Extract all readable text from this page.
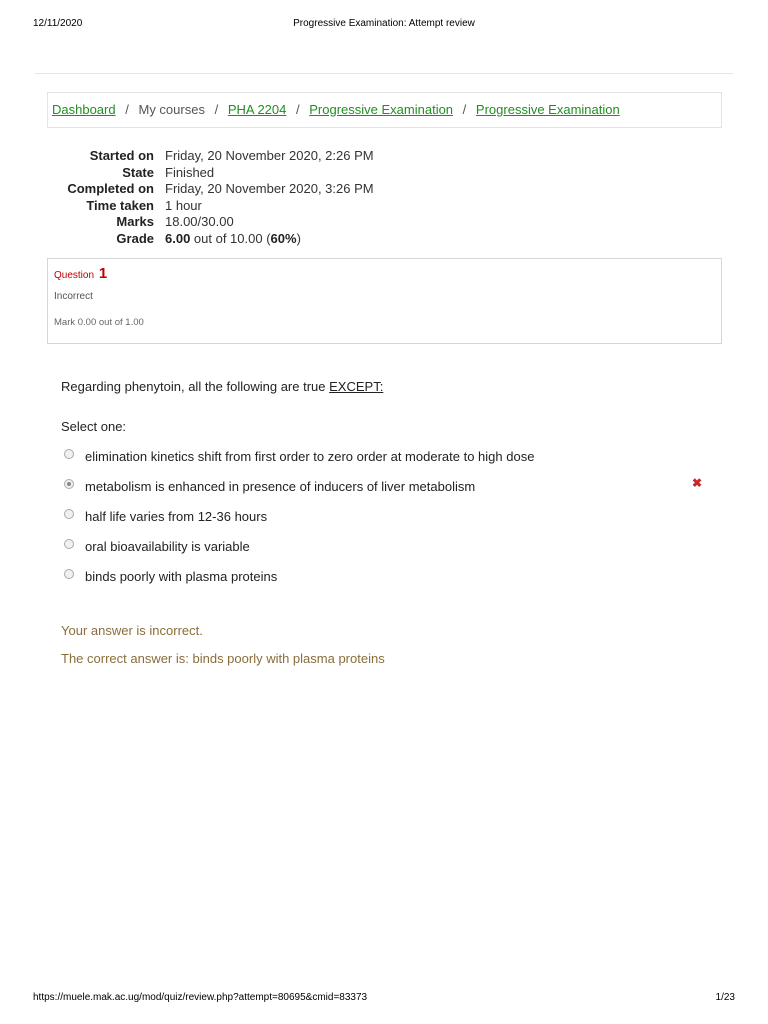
12/11/2020	Progressive Examination: Attempt review
Dashboard / My courses / PHA 2204 / Progressive Examination / Progressive Examination
Started on Friday, 20 November 2020, 2:26 PM
State Finished
Completed on Friday, 20 November 2020, 3:26 PM
Time taken 1 hour
Marks 18.00/30.00
Grade 6.00 out of 10.00 (60%)
Question 1
Incorrect
Mark 0.00 out of 1.00
Regarding phenytoin, all the following are true EXCEPT:
Select one:
elimination kinetics shift from first order to zero order at moderate to high dose
metabolism is enhanced in presence of inducers of liver metabolism	✖
half life varies from 12-36 hours
oral bioavailability is variable
binds poorly with plasma proteins
Your answer is incorrect.
The correct answer is: binds poorly with plasma proteins
https://muele.mak.ac.ug/mod/quiz/review.php?attempt=80695&cmid=83373	1/23
